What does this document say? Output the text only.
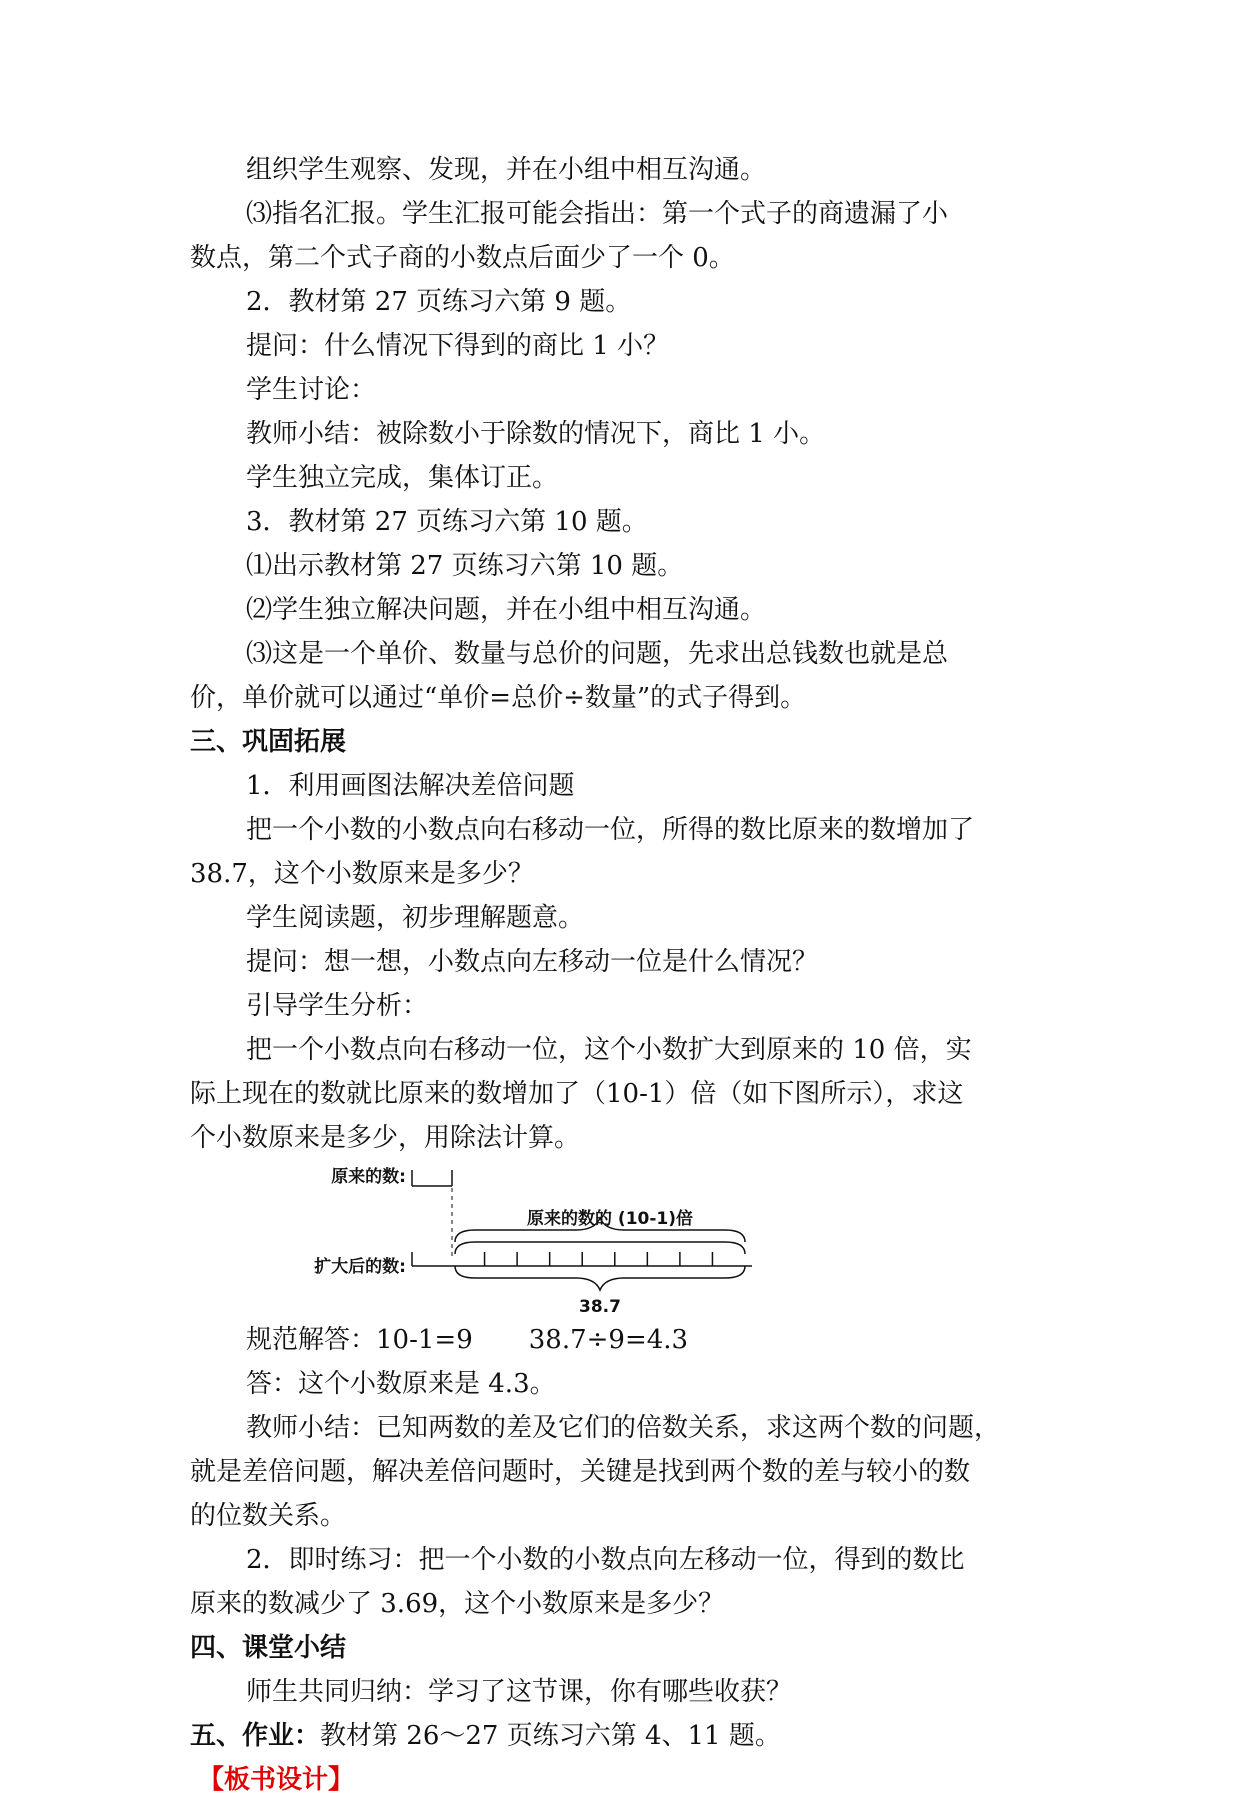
组织学生观察、发现，并在小组中相互沟通。
⑶指名汇报。学生汇报可能会指出：第一个式子的商遗漏了小
数点，第二个式子商的小数点后面少了一个 0。
2．教材第 27 页练习六第 9 题。
提问：什么情况下得到的商比 1 小？
学生讨论：
教师小结：被除数小于除数的情况下，商比 1 小。
学生独立完成，集体订正。
3．教材第 27 页练习六第 10 题。
⑴出示教材第 27 页练习六第 10 题。
⑵学生独立解决问题，并在小组中相互沟通。
⑶这是一个单价、数量与总价的问题，先求出总钱数也就是总
价，单价就可以通过“单价=总价÷数量”的式子得到。
三、巩固拓展
1．利用画图法解决差倍问题
把一个小数的小数点向右移动一位，所得的数比原来的数增加了
38.7，这个小数原来是多少？
学生阅读题，初步理解题意。
提问：想一想，小数点向左移动一位是什么情况？
引导学生分析：
把一个小数点向右移动一位，这个小数扩大到原来的 10 倍，实
际上现在的数就比原来的数增加了（10-1）倍（如下图所示），求这
个小数原来是多少，用除法计算。
原来的数:
原来的数的 (10-1)倍
扩大后的数:
38.7
规范解答：10-1=9 38.7÷9=4.3
答：这个小数原来是 4.3。
教师小结：已知两数的差及它们的倍数关系，求这两个数的问题，
就是差倍问题，解决差倍问题时，关键是找到两个数的差与较小的数
的位数关系。
2．即时练习：把一个小数的小数点向左移动一位，得到的数比
原来的数减少了 3.69，这个小数原来是多少？
四、课堂小结
师生共同归纳：学习了这节课，你有哪些收获？
五、作业：教材第 26～27 页练习六第 4、11 题。
【板书设计】
